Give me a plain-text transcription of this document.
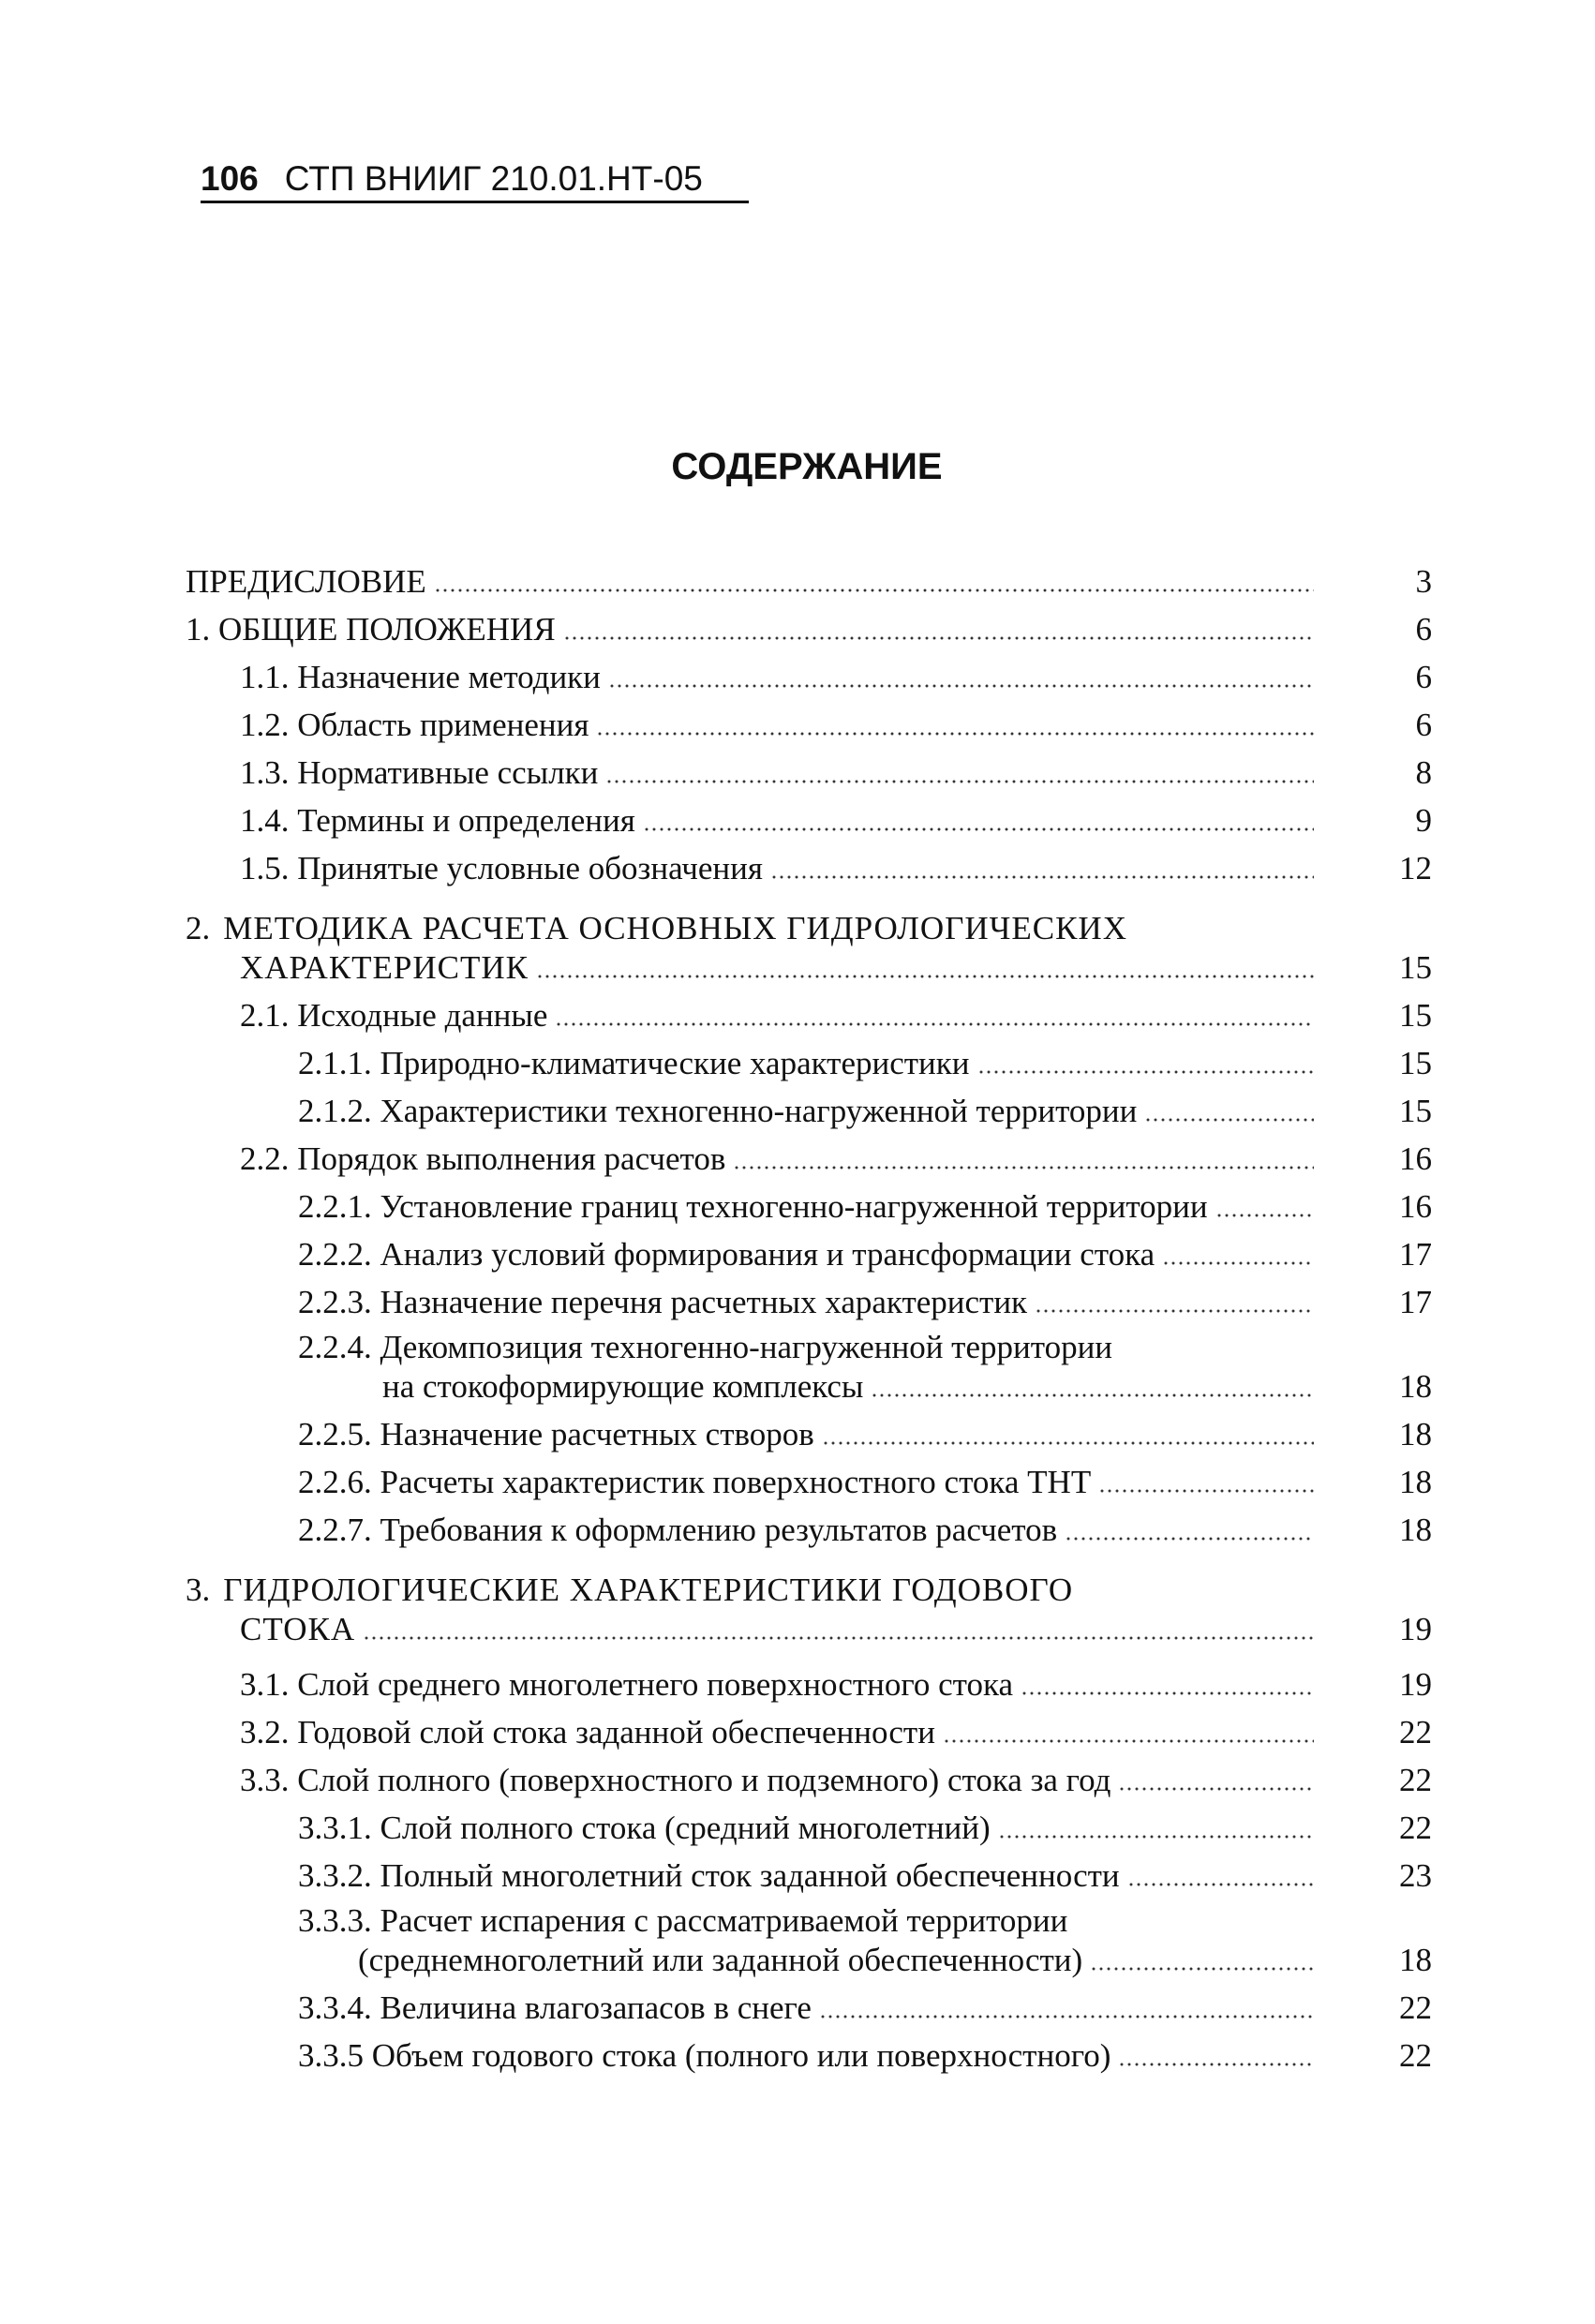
106 СТП ВНИИГ 210.01.НТ-05
СОДЕРЖАНИЕ
ПРЕДИСЛОВИЕ	3
1. ОБЩИЕ ПОЛОЖЕНИЯ	6
1.1. Назначение методики	6
1.2. Область применения	6
1.3. Нормативные ссылки	8
1.4. Термины и определения	9
1.5. Принятые условные обозначения	12
2. МЕТОДИКА РАСЧЕТА ОСНОВНЫХ ГИДРОЛОГИЧЕСКИХ
ХАРАКТЕРИСТИК	15
2.1. Исходные данные	15
2.1.1. Природно-климатические характеристики	15
2.1.2. Характеристики техногенно-нагруженной территории	15
2.2. Порядок выполнения расчетов	16
2.2.1. Установление границ техногенно-нагруженной территории	16
2.2.2. Анализ условий формирования и трансформации стока	17
2.2.3. Назначение перечня расчетных характеристик	17
2.2.4. Декомпозиция техногенно-нагруженной территории
на стокоформирующие комплексы	18
2.2.5. Назначение расчетных створов	18
2.2.6. Расчеты характеристик поверхностного стока ТНТ	18
2.2.7. Требования к оформлению результатов расчетов	18
3. ГИДРОЛОГИЧЕСКИЕ ХАРАКТЕРИСТИКИ ГОДОВОГО
СТОКА	19
3.1. Слой среднего многолетнего поверхностного стока	19
3.2. Годовой слой стока заданной обеспеченности	22
3.3. Слой полного (поверхностного и подземного) стока за год	22
3.3.1. Слой полного стока (средний многолетний)	22
3.3.2. Полный многолетний сток заданной обеспеченности	23
3.3.3. Расчет испарения с рассматриваемой территории
(среднемноголетний или заданной обеспеченности)	18
3.3.4. Величина влагозапасов в снеге	22
3.3.5 Объем годового стока (полного или поверхностного)	22
